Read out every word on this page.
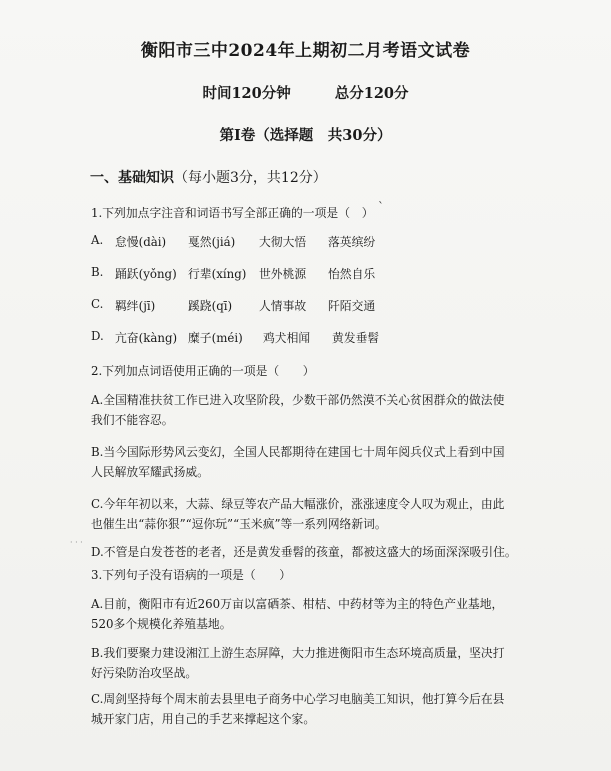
衡阳市三中2024年上期初二月考语文试卷
时间120分钟	总分120分
第Ⅰ卷（选择题　共30分）
一、基础知识（每小题3分，共12分）
1.下列加点字注音和词语书写全部正确的一项是（　） ˋ
A. 怠慢(dài) 戛然(jiá) 大彻大悟 落英缤纷
B. 踊跃(yǒng) 行辈(xíng) 世外桃源 怡然自乐
C. 羁绊(jī)	蹊跷(qī) 人情事故 阡陌交通
D. 亢奋(kàng) 糜子(méi) 鸡犬相闻 黄发垂髫
2.下列加点词语使用正确的一项是（　　）
A.全国精准扶贫工作已进入攻坚阶段，少数干部仍然漠不关心贫困群众的做法使
我们不能容忍。
B.当今国际形势风云变幻，全国人民都期待在建国七十周年阅兵仪式上看到中国
人民解放军耀武扬威。
C.今年年初以来，大蒜、绿豆等农产品大幅涨价，涨涨速度令人叹为观止，由此
也催生出“蒜你狠”“逗你玩”“玉米疯”等一系列网络新词。
· · ·
D.不管是白发苍苍的老者，还是黄发垂髫的孩童，都被这盛大的场面深深吸引住。
3.下列句子没有语病的一项是（　　）
A.目前，衡阳市有近260万亩以富硒茶、柑桔、中药材等为主的特色产业基地，
520多个规模化养殖基地。
B.我们要聚力建设湘江上游生态屏障，大力推进衡阳市生态环境高质量，坚决打
好污染防治攻坚战。
C.周剑坚持每个周末前去县里电子商务中心学习电脑美工知识，他打算今后在县
城开家门店，用自己的手艺来撑起这个家。
